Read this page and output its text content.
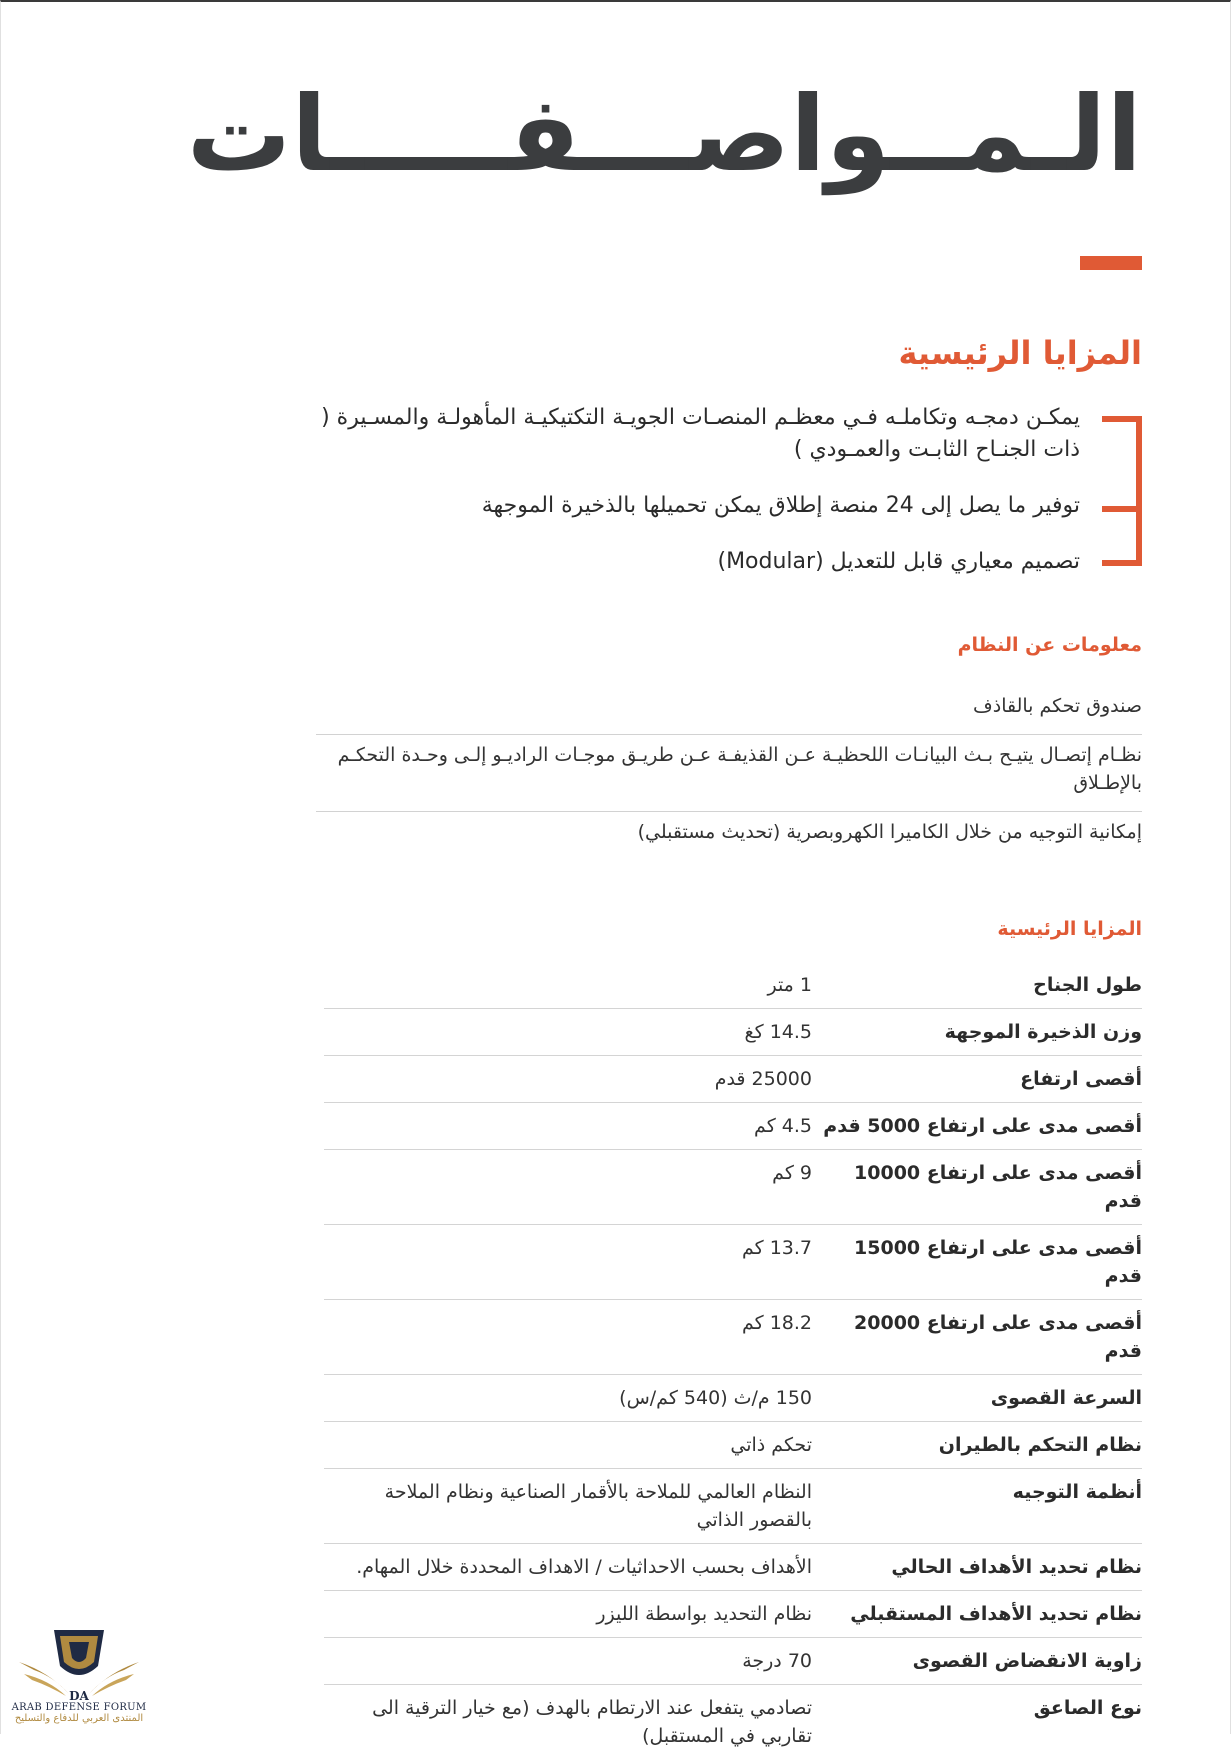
الـمــواصـــفـــــات
المزايا الرئيسية

يمكـن دمجـه وتكاملـه فـي معظـم المنصـات الجويـة التكتيكيـة المأهولـة والمسـيرة ( ذات الجنـاح الثابـت والعمـودي )

توفير ما يصل إلى 24 منصة إطلاق يمكن تحميلها بالذخيرة الموجهة

تصميم معياري قابل للتعديل (Modular)

معلومات عن النظام
صندوق تحكم بالقاذف
نظـام إتصـال يتيـح بـث البيانـات اللحظيـة عـن القذيفـة عـن طريـق موجـات الراديـو إلـى وحـدة التحكـم بالإطـلاق
إمكانية التوجيه من خلال الكاميرا الكهروبصرية (تحديث مستقبلي)
المزايا الرئيسية
طول الجناح	1 متر
وزن الذخيرة الموجهة	14.5 كغ
أقصى ارتفاع	25000 قدم
أقصى مدى على ارتفاع 5000 قدم	4.5 كم
أقصى مدى على ارتفاع 10000 قدم	9 كم
أقصى مدى على ارتفاع 15000 قدم	13.7 كم
أقصى مدى على ارتفاع 20000 قدم	18.2 كم
السرعة القصوى	150 م/ث (540 كم/س)
نظام التحكم بالطيران	تحكم ذاتي
أنظمة التوجيه	النظام العالمي للملاحة بالأقمار الصناعية ونظام الملاحة بالقصور الذاتي
نظام تحديد الأهداف الحالي	الأهداف بحسب الاحداثيات / الاهداف المحددة خلال المهام.
نظام تحديد الأهداف المستقبلي	نظام التحديد بواسطة الليزر
زاوية الانقضاض القصوى	70 درجة
نوع الصاعق	تصادمي يتفعل عند الارتطام بالهدف (مع خيار الترقية الى تقاربي في المستقبل)
DA
ARAB DEFENSE FORUM
المنتدى العربي للدفاع والتسليح
